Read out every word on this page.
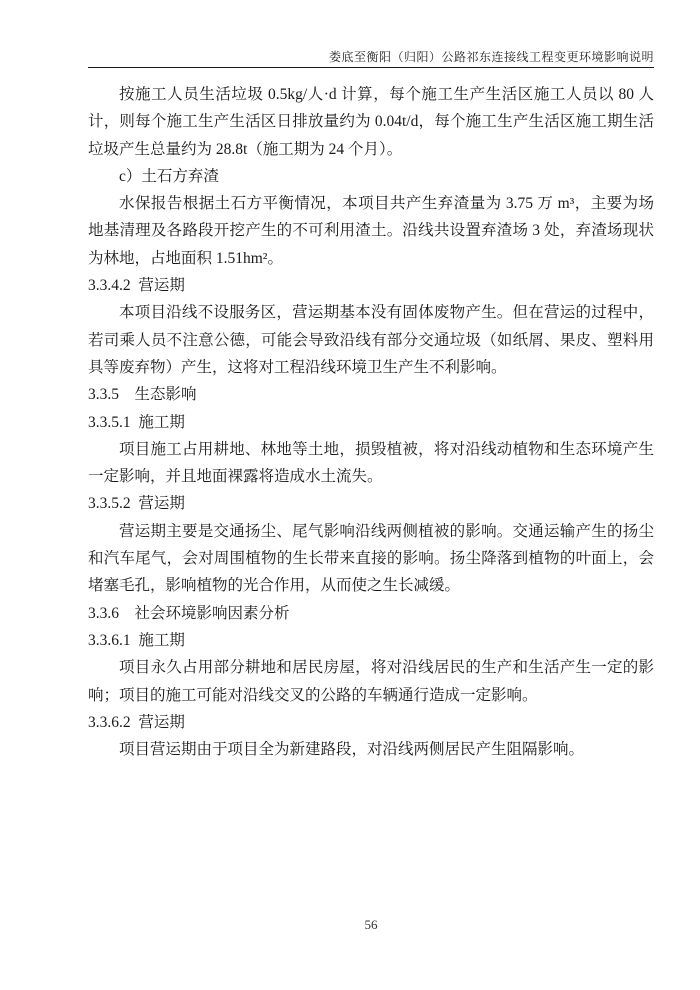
娄底至衡阳（归阳）公路祁东连接线工程变更环境影响说明

按施工人员生活垃圾 0.5kg/人·d 计算，每个施工生产生活区施工人员以 80 人计，则每个施工生产生活区日排放量约为 0.04t/d，每个施工生产生活区施工期生活垃圾产生总量约为 28.8t（施工期为 24 个月）。

c）土石方弃渣

水保报告根据土石方平衡情况，本项目共产生弃渣量为 3.75 万 m³，主要为场地基清理及各路段开挖产生的不可利用渣土。沿线共设置弃渣场 3 处，弃渣场现状为林地，占地面积 1.51hm²。

3.3.4.2  营运期

本项目沿线不设服务区，营运期基本没有固体废物产生。但在营运的过程中，若司乘人员不注意公德，可能会导致沿线有部分交通垃圾（如纸屑、果皮、塑料用具等废弃物）产生，这将对工程沿线环境卫生产生不利影响。

3.3.5    生态影响

3.3.5.1  施工期

项目施工占用耕地、林地等土地，损毁植被，将对沿线动植物和生态环境产生一定影响，并且地面裸露将造成水土流失。

3.3.5.2  营运期

营运期主要是交通扬尘、尾气影响沿线两侧植被的影响。交通运输产生的扬尘和汽车尾气，会对周围植物的生长带来直接的影响。扬尘降落到植物的叶面上，会堵塞毛孔，影响植物的光合作用，从而使之生长减缓。

3.3.6    社会环境影响因素分析

3.3.6.1  施工期

项目永久占用部分耕地和居民房屋，将对沿线居民的生产和生活产生一定的影响；项目的施工可能对沿线交叉的公路的车辆通行造成一定影响。

3.3.6.2  营运期

项目营运期由于项目全为新建路段，对沿线两侧居民产生阻隔影响。

56
